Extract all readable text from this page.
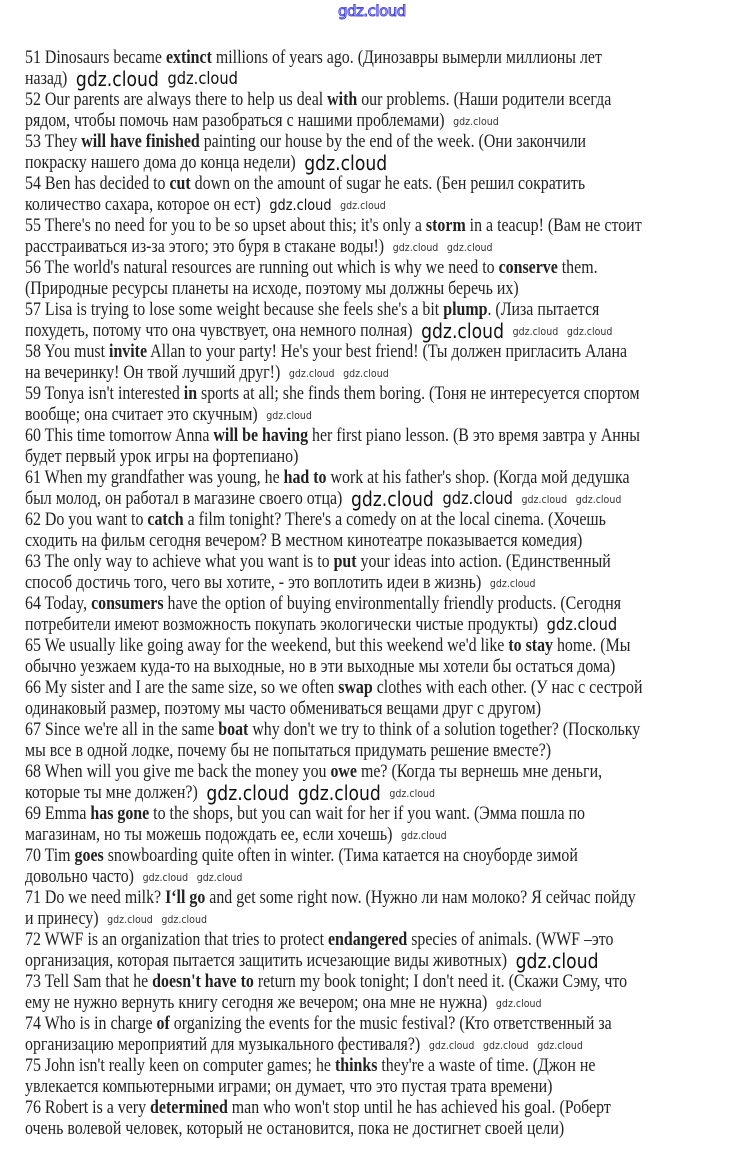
gdz.cloud
51 Dinosaurs became extinct millions of years ago. (Динозавры вымерли миллионы лет
назад) gdz.cloud gdz.cloud
52 Our parents are always there to help us deal with our problems. (Наши родители всегда
рядом, чтобы помочь нам разобраться с нашими проблемами) gdz.cloud
53 They will have finished painting our house by the end of the week. (Они закончили
покраску нашего дома до конца недели) gdz.cloud
54 Ben has decided to cut down on the amount of sugar he eats. (Бен решил сократить
количество сахара, которое он ест) gdz.cloud gdz.cloud
55 There's no need for you to be so upset about this; it's only a storm in a teacup! (Вам не стоит
расстраиваться из-за этого; это буря в стакане воды!) gdz.cloud gdz.cloud
56 The world's natural resources are running out which is why we need to conserve them.
(Природные ресурсы планеты на исходе, поэтому мы должны беречь их)
57 Lisa is trying to lose some weight because she feels she's a bit plump. (Лиза пытается
похудеть, потому что она чувствует, она немного полная) gdz.cloud gdz.cloud gdz.cloud
58 You must invite Allan to your party! He's your best friend! (Ты должен пригласить Алана
на вечеринку! Он твой лучший друг!) gdz.cloud gdz.cloud
59 Tonya isn't interested in sports at all; she finds them boring. (Тоня не интересуется спортом
вообще; она считает это скучным) gdz.cloud
60 This time tomorrow Anna will be having her first piano lesson. (В это время завтра у Анны
будет первый урок игры на фортепиано)
61 When my grandfather was young, he had to work at his father's shop. (Когда мой дедушка
был молод, он работал в магазине своего отца) gdz.cloud gdz.cloud gdz.cloud gdz.cloud
62 Do you want to catch a film tonight? There's a comedy on at the local cinema. (Хочешь
сходить на фильм сегодня вечером? В местном кинотеатре показывается комедия)
63 The only way to achieve what you want is to put your ideas into action. (Единственный
способ достичь того, чего вы хотите, - это воплотить идеи в жизнь) gdz.cloud
64 Today, consumers have the option of buying environmentally friendly products. (Сегодня
потребители имеют возможность покупать экологически чистые продукты) gdz.cloud
65 We usually like going away for the weekend, but this weekend we'd like to stay home. (Мы
обычно уезжаем куда-то на выходные, но в эти выходные мы хотели бы остаться дома)
66 My sister and I are the same size, so we often swap clothes with each other. (У нас с сестрой
одинаковый размер, поэтому мы часто обмениваться вещами друг с другом)
67 Since we're all in the same boat why don't we try to think of a solution together? (Поскольку
мы все в одной лодке, почему бы не попытаться придумать решение вместе?)
68 When will you give me back the money you owe me? (Когда ты вернешь мне деньги,
которые ты мне должен?) gdz.cloud gdz.cloud gdz.cloud
69 Emma has gone to the shops, but you can wait for her if you want. (Эмма пошла по
магазинам, но ты можешь подождать ее, если хочешь) gdz.cloud
70 Tim goes snowboarding quite often in winter. (Тима катается на сноуборде зимой
довольно часто) gdz.cloud gdz.cloud
71 Do we need milk? I‘ll go and get some right now. (Нужно ли нам молоко? Я сейчас пойду
и принесу) gdz.cloud gdz.cloud
72 WWF is an organization that tries to protect endangered species of animals. (WWF –это
организация, которая пытается защитить исчезающие виды животных) gdz.cloud
73 Tell Sam that he doesn't have to return my book tonight; I don't need it. (Скажи Сэму, что
ему не нужно вернуть книгу сегодня же вечером; она мне не нужна) gdz.cloud
74 Who is in charge of organizing the events for the music festival? (Кто ответственный за
организацию мероприятий для музыкального фестиваля?) gdz.cloud gdz.cloud gdz.cloud
75 John isn't really keen on computer games; he thinks they're a waste of time. (Джон не
увлекается компьютерными играми; он думает, что это пустая трата времени)
76 Robert is a very determined man who won't stop until he has achieved his goal. (Роберт
очень волевой человек, который не остановится, пока не достигнет своей цели)
